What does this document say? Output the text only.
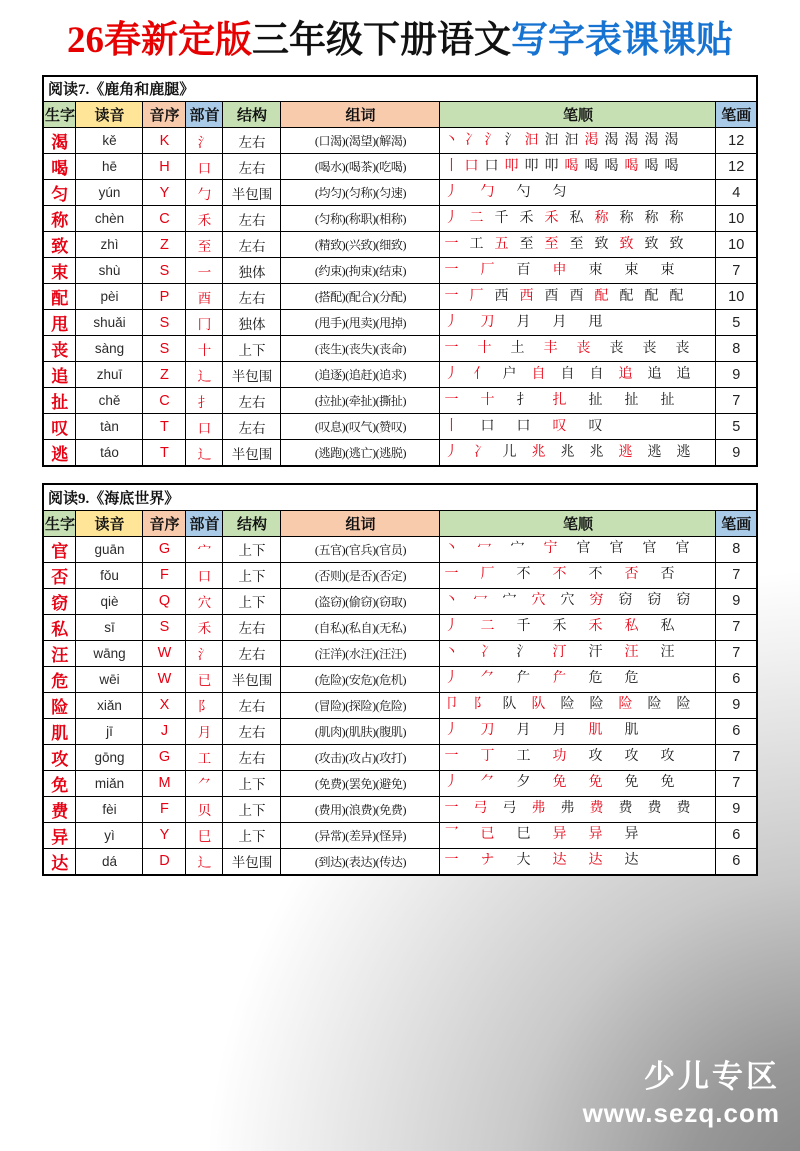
26春新定版三年级下册语文写字表课课贴
阅读7.《鹿角和鹿腿》							
生字	读音	音序	部首	结构	组词	笔顺	笔画
渴	kě	K	氵	左右	(口渴)(渴望)(解渴)	丶 冫 氵 氵 汩 汩 汩 渇 渴 渴 渴 渴	12
喝	hē	H	口	左右	(喝水)(喝茶)(吃喝)	丨 口 口 叩 叩 叩 喝 喝 喝 喝 喝 喝	12
匀	yún	Y	勹	半包围	(均匀)(匀称)(匀速)	丿 勹 勺 匀	4
称	chèn	C	禾	左右	(匀称)(称职)(相称)	丿 二 千 禾 禾 私 称 称 称 称	10
致	zhì	Z	至	左右	(精致)(兴致)(细致)	一 工 五 至 至 至 致 致 致 致	10
束	shù	S	一	独体	(约束)(拘束)(结束)	一 厂 百 申 朿 束 束	7
配	pèi	P	酉	左右	(搭配)(配合)(分配)	一 厂 西 西 酉 酉 配 配 配 配	10
甩	shuǎi	S	冂	独体	(甩手)(甩卖)(甩掉)	丿 刀 月 月 甩	5
丧	sàng	S	十	上下	(丧生)(丧失)(丧命)	一 十 土 丰 丧 丧 丧 丧	8
追	zhuī	Z	辶	半包围	(追逐)(追赶)(追求)	丿 亻 户 自 自 自 追 追 追	9
扯	chě	C	扌	左右	(拉扯)(牵扯)(撕扯)	一 十 扌 扎 扯 扯 扯	7
叹	tàn	T	口	左右	(叹息)(叹气)(赞叹)	丨 口 口 叹 叹	5
逃	táo	T	辶	半包围	(逃跑)(逃亡)(逃脱)	丿 冫 儿 兆 兆 兆 逃 逃 逃	9
阅读9.《海底世界》							
生字	读音	音序	部首	结构	组词	笔顺	笔画
官	guān	G	宀	上下	(五官)(官兵)(官员)	丶 冖 宀 宁 官 官 官 官	8
否	fǒu	F	口	上下	(否则)(是否)(否定)	一 厂 不 不 不 否 否	7
窃	qiè	Q	穴	上下	(盗窃)(偷窃)(窃取)	丶 冖 宀 穴 穴 穷 窃 窃 窃	9
私	sī	S	禾	左右	(自私)(私自)(无私)	丿 二 千 禾 禾 私 私	7
汪	wāng	W	氵	左右	(汪洋)(水汪)(汪汪)	丶 冫 氵 汀 汗 汪 汪	7
危	wēi	W	已	半包围	(危险)(安危)(危机)	丿 ⺈ 厃 厃 危 危	6
险	xiǎn	X	阝	左右	(冒险)(探险)(危险)	卩 阝 队 队 险 险 险 险 险	9
肌	jī	J	月	左右	(肌肉)(肌肤)(腹肌)	丿 刀 月 月 肌 肌	6
攻	gōng	G	工	左右	(攻击)(攻占)(攻打)	一 丁 工 功 攻 攻 攻	7
免	miǎn	M	⺈	上下	(免费)(罢免)(避免)	丿 ⺈ 夕 免 免 免 免	7
费	fèi	F	贝	上下	(费用)(浪费)(免费)	一 弓 弓 弗 弗 费 费 费 费	9
异	yì	Y	巳	上下	(异常)(差异)(怪异)	乛 已 巳 异 异 异	6
达	dá	D	辶	半包围	(到达)(表达)(传达)	一 ナ 大 达 达 达	6
少儿专区
www.sezq.com
